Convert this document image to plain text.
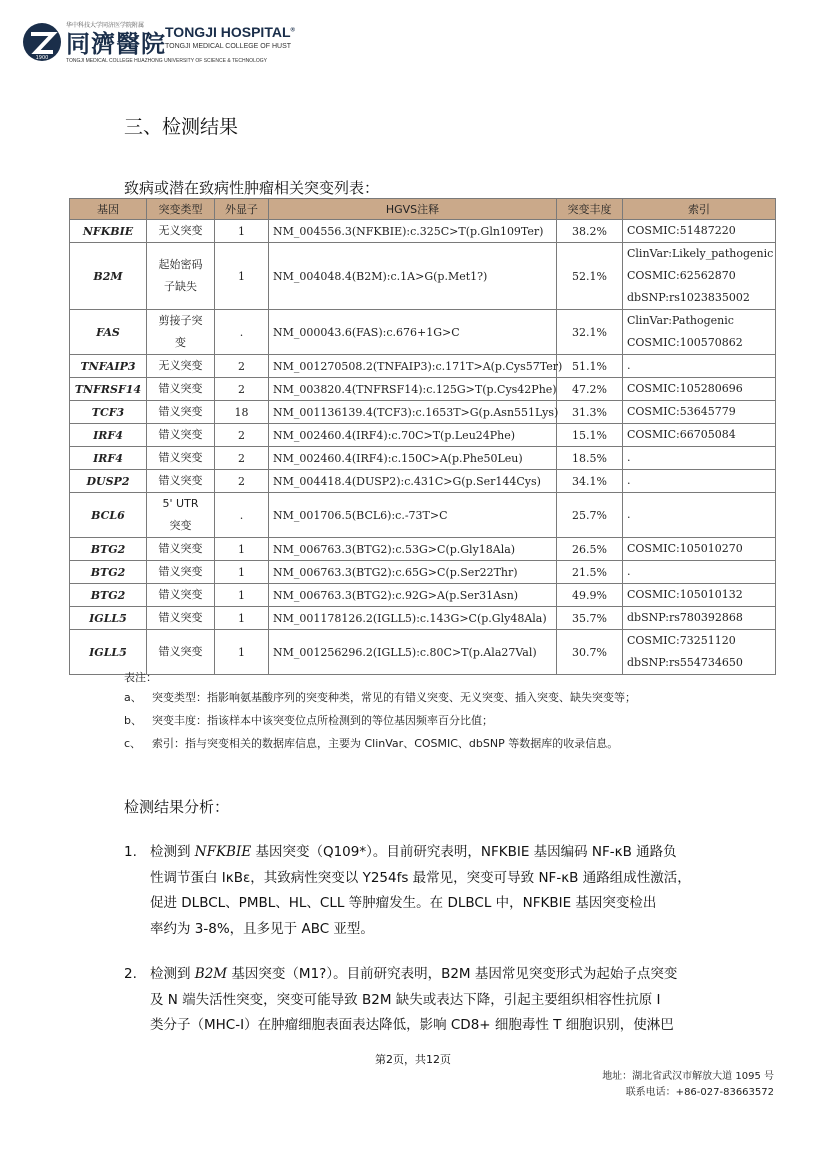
1900
华中科技大学同济医学院附属
同濟醫院 TONGJI HOSPITAL®
TONGJI MEDICAL COLLEGE OF HUST
TONGJI MEDICAL COLLEGE HUAZHONG UNIVERSITY OF SCIENCE & TECHNOLOGY
三、检测结果
致病或潜在致病性肿瘤相关突变列表：
基因	突变类型	外显子	HGVS注释	突变丰度	索引
NFKBIE	无义突变	1	NM_004556.3(NFKBIE):c.325C>T(p.Gln109Ter)	38.2%	COSMIC:51487220

B2M	起始密码
子缺失	1	NM_004048.4(B2M):c.1A>G(p.Met1?)	52.1%	ClinVar:Likely_pathogenic
COSMIC:62562870
dbSNP:rs1023835002

FAS	剪接子突
变	.	NM_000043.6(FAS):c.676+1G>C	32.1%	ClinVar:Pathogenic
COSMIC:100570862

TNFAIP3	无义突变	2	NM_001270508.2(TNFAIP3):c.171T>A(p.Cys57Ter)	51.1%	.

TNFRSF14	错义突变	2	NM_003820.4(TNFRSF14):c.125G>T(p.Cys42Phe)	47.2%	COSMIC:105280696

TCF3	错义突变	18	NM_001136139.4(TCF3):c.1653T>G(p.Asn551Lys)	31.3%	COSMIC:53645779

IRF4	错义突变	2	NM_002460.4(IRF4):c.70C>T(p.Leu24Phe)	15.1%	COSMIC:66705084

IRF4	错义突变	2	NM_002460.4(IRF4):c.150C>A(p.Phe50Leu)	18.5%	.

DUSP2	错义突变	2	NM_004418.4(DUSP2):c.431C>G(p.Ser144Cys)	34.1%	.

BCL6	5' UTR
突变	.	NM_001706.5(BCL6):c.-73T>C	25.7%	.

BTG2	错义突变	1	NM_006763.3(BTG2):c.53G>C(p.Gly18Ala)	26.5%	COSMIC:105010270

BTG2	错义突变	1	NM_006763.3(BTG2):c.65G>C(p.Ser22Thr)	21.5%	.

BTG2	错义突变	1	NM_006763.3(BTG2):c.92G>A(p.Ser31Asn)	49.9%	COSMIC:105010132

IGLL5	错义突变	1	NM_001178126.2(IGLL5):c.143G>C(p.Gly48Ala)	35.7%	dbSNP:rs780392868

IGLL5	错义突变	1	NM_001256296.2(IGLL5):c.80C>T(p.Ala27Val)	30.7%	COSMIC:73251120
dbSNP:rs554734650
表注：
a、 突变类型：指影响氨基酸序列的突变种类，常见的有错义突变、无义突变、插入突变、缺失突变等；
b、 突变丰度：指该样本中该突变位点所检测到的等位基因频率百分比值；
c、 索引：指与突变相关的数据库信息，主要为 ClinVar、COSMIC、dbSNP 等数据库的收录信息。
检测结果分析：
1. 检测到 NFKBIE 基因突变（Q109*）。目前研究表明，NFKBIE 基因编码 NF-κB 通路负
性调节蛋白 IκBε，其致病性突变以 Y254fs 最常见，突变可导致 NF-κB 通路组成性激活，
促进 DLBCL、PMBL、HL、CLL 等肿瘤发生。在 DLBCL 中，NFKBIE 基因突变检出
率约为 3-8%，且多见于 ABC 亚型。
2. 检测到 B2M 基因突变（M1?）。目前研究表明，B2M 基因常见突变形式为起始子点突变
及 N 端失活性突变，突变可能导致 B2M 缺失或表达下降，引起主要组织相容性抗原 I
类分子（MHC-I）在肿瘤细胞表面表达降低，影响 CD8+ 细胞毒性 T 细胞识别，使淋巴
第2页，共12页
地址：湖北省武汉市解放大道 1095 号
联系电话：+86-027-83663572
